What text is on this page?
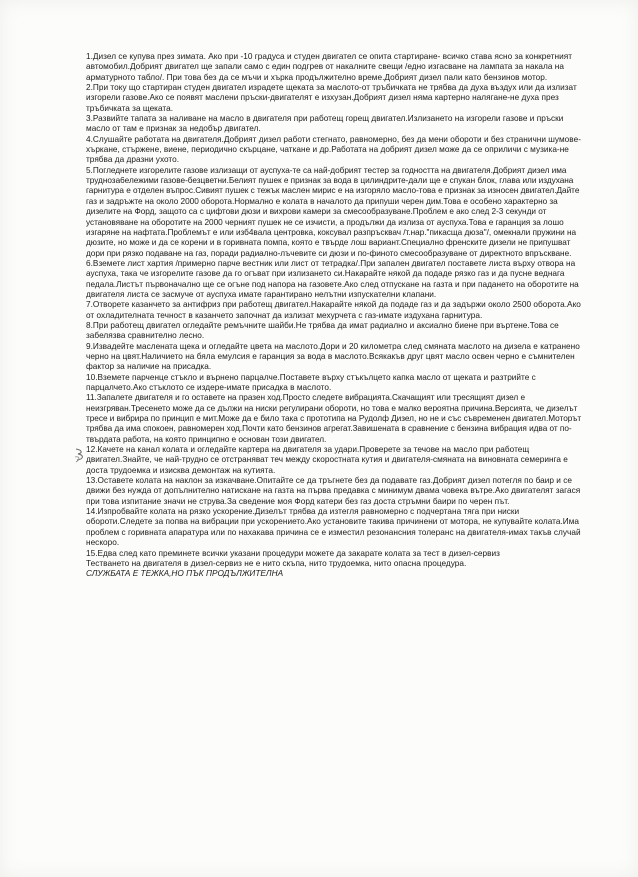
1.Дизел се купува през зимата. Ако при -10 градуса и студен двигател се опита стартиране- всичко става ясно за конкретният автомобил.Добрият двигател ще запали само с един подгрев от накалните свещи /едно изгасване на лампата за накала на арматурното табло/. При това без да се мъчи и хърка продължително време.Добрият дизел пали като бензинов мотор.

2.При току що стартиран студен двигател израдете щеката за маслото-от тръбичката не трябва да духа въздух или да излизат изгорели газове.Ако се появят маслени пръски-двигателят е изхузан.Добрият дизел няма картерно налягане-не духа през тръбичката за щеката.

3.Развийте тапата за наливане на масло в двигателя при работещ горещ двигател.Излизането на изгорели газове и пръски масло от там е признак за недобър двигател.

4.Слушайте работата на двигателя.Добрият дизел работи стегнато, равномерно, без да мени обороти и без странични шумове-хъркане, стържене, виене, периодично скърцане, чаткане и др.Работата на добрият дизел може да се оприличи с музика-не трябва да дразни ухото.

5.Погледнете изгорелите газове излизащи от ауспуха-те са най-добрият тестер за годността на двигателя.Добрият дизел има трудноза6ележими газове-безцветни.Белият пушек е признак за вода в цилиндрите-дали ще е спукан блок, глава или издухана гарнитура е отделен въпрос.Сивият пушек с тежък маслен мирис е на изгоряло масло-това е признак за износен двигател.Дайте газ и задръжте на около 2000 оборота.Нормално е колата в началото да припуши черен дим.Това е особено характерно за дизелите на Форд, защото са с цифтови дюзи и вихрови камери за смесообразуване.Проблем е ако след 2-3 секунди от установяване на оборотите на 2000 черният пушек не се изчисти, а продължи да излиза от ауспуха.Това е гаранция за лошо изгаряне на нафтата.Проблемът е или изб4вала центровка, коксувал разпръсквач /т.нар."пикасща дюза"/, омекнали пружини на дюзите, но може и да се корени и в горивната помпа, която е твърде лош вариант.Специално френските дизели не припушват дори при рязко подаване на газ, поради радиално-лъчевите си дюзи и по-финото смесообразуване от директното впръскване.

6.Вземете лист хартия /примерно парче вестник или лист от тетрадка/.При запален двигател поставете листа върху отвора на ауспуха, така че изгорелите газове да го огъват при излизането си.Накарайте някой да подаде рязко газ и да пусне веднага педала.Листът първоначално ще се огъне под напора на газовете.Ако след отпускане на газта и при падането на оборотите на двигателя листа се засмуче от ауспуха имате гарантирано нелътни изпускателни клапани.

7.Отворете казанчето за антифриз при работещ двигател.Накарайте някой да подаде газ и да задържи около 2500 оборота.Ако от охладителната течност в казанчето започнат да излизат мехурчета с газ-имате издухана гарнитура.

8.При работещ двигател огледайте ремъчните шайби.Не трябва да имат радиално и аксиално биене при въртене.Това се забелязва сравнително лесно.

9.Извадейте маслената щека и огледайте цвета на маслото.Дори и 20 километра след смяната маслото на дизела е катранено черно на цвят.Наличието на бяла емулсия е гаранция за вода в маслото.Всякакъв друг цвят масло освен черно е съмнителен фактор за наличие на присадка.

10.Вземете парченце стъкло и върнено парцалче.Поставете върху стъкълцето капка масло от щеката и разтрийте с парцалчето.Ако стъклото се издере-имате присадка в маслото.

11.Запалете двигателя и го оставете на празен ход.Просто следете вибрацията.Скачащият или тресящият дизел е неизгряван.Тресенето може да се дължи на ниски регулирани обороти, но това е малко вероятна причина.Версията, че дизелът тресе и вибрира по принцип е мит.Може да е било така с прототипа на Рудолф Дизел, но не и със съвременен двигател.Моторът трябва да има спокоен, равномерен ход.Почти като бензинов агрегат.Завишената в сравнение с бензина вибрация идва от по-твърдата работа, на която принципно е основан този двигател.

12.Качете на канал колата и огледайте картера на двигателя за удари.Проверете за течове на масло при работещ двигател.Знайте, че най-трудно се отстраняват теч между скоростната кутия и двигателя-смяната на виновната семеринга е доста трудоемка и изисква демонтаж на кутията.

13.Оставете колата на наклон за изкачване.Опитайте се да тръгнете без да подавате газ.Добрият дизел потегля по баир и се движи без нужда от допълнително натискане на газта на първа предавка с минимум двама човека вътре.Ако двигателят загася при това изпитание значи не струва.За сведение моя Форд катери без газ доста стръмни баири по черен път.

14.Изпробвайте колата на рязко ускорение.Дизелът трябва да изтегля равномерно с подчертана тяга при ниски обороти.Следете за попва на вибрации при ускорението.Ако установите такива причинени от мотора, не купувайте колата.Има проблем с горивната апаратура или по нахакава причина се е изместил резонансния толеранс на двигателя-имах такъв случай нескоро.

15.Едва след като преминете всички указани процедури можете да закарате колата за тест в дизел-сервиз

Тестването на двигателя в дизел-сервиз не е нито скъпа, нито трудоемка, нито опасна процедура.

СЛУЖБАТА Е ТЕЖКА,НО ПЪК ПРОДЪЛЖИТЕЛНА
